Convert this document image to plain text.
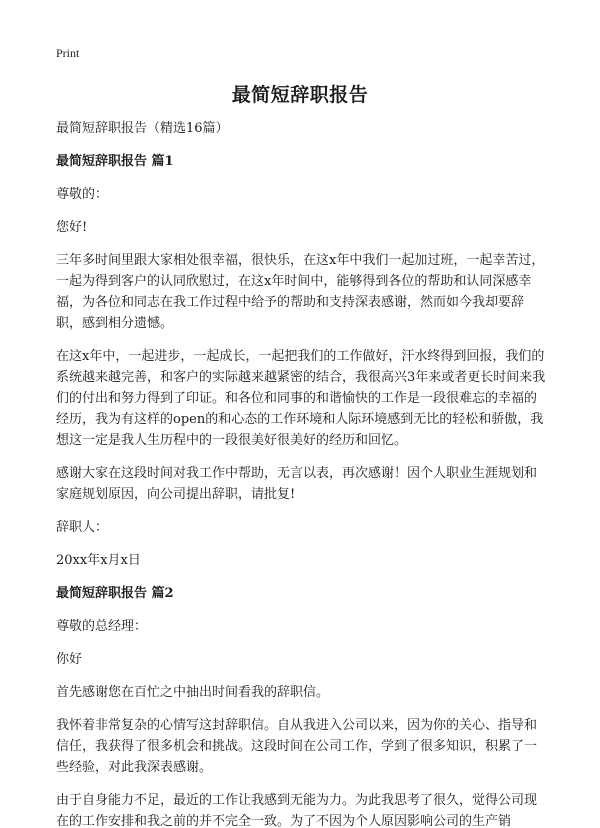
Print
最简短辞职报告

最简短辞职报告（精选16篇）

最简短辞职报告 篇1

尊敬的：

您好!

三年多时间里跟大家相处很幸福，很快乐，在这x年中我们一起加过班，一起幸苦过，一起为得到客户的认同欣慰过，在这x年时间中，能够得到各位的帮助和认同深感幸福，为各位和同志在我工作过程中给予的帮助和支持深表感谢，然而如今我却要辞职，感到相分遗憾。

在这x年中，一起进步，一起成长，一起把我们的工作做好，汗水终得到回报，我们的系统越来越完善，和客户的实际越来越紧密的结合，我很高兴3年来或者更长时间来我们的付出和努力得到了印证。和各位和同事的和谐愉快的工作是一段很难忘的幸福的经历，我为有这样的open的和心态的工作环境和人际环境感到无比的轻松和骄傲，我想这一定是我人生历程中的一段很美好很美好的经历和回忆。

感谢大家在这段时间对我工作中帮助，无言以表，再次感谢！因个人职业生涯规划和家庭规划原因，向公司提出辞职，请批复!

辞职人：

20xx年x月x日

最简短辞职报告 篇2

尊敬的总经理：

你好

首先感谢您在百忙之中抽出时间看我的辞职信。

我怀着非常复杂的心情写这封辞职信。自从我进入公司以来，因为你的关心、指导和信任，我获得了很多机会和挑战。这段时间在公司工作，学到了很多知识，积累了一些经验，对此我深表感谢。

由于自身能力不足，最近的工作让我感到无能为力。为此我思考了很久，觉得公司现在的工作安排和我之前的并不完全一致。为了不因为个人原因影响公司的生产销
